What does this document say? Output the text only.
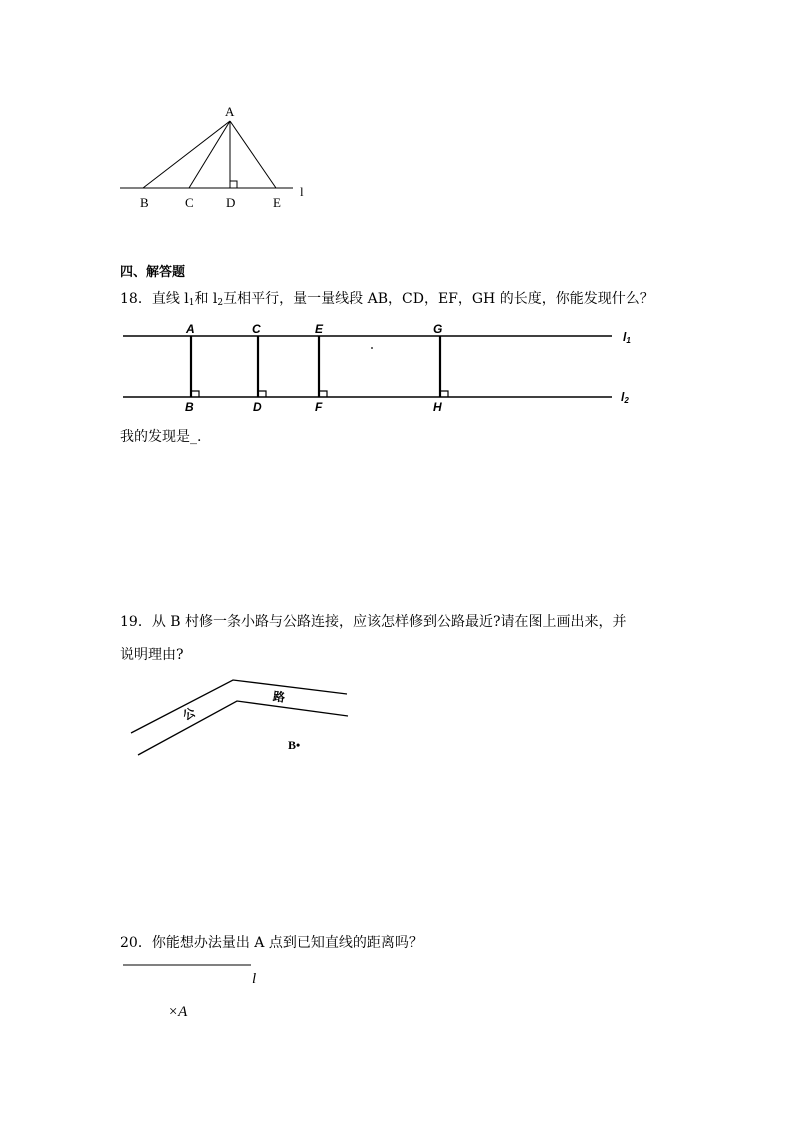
A
B	C D	E
l
四、解答题
18．直线 $l_1$和 $l_2$互相平行，量一量线段 AB，CD，EF，GH 的长度，你能发现什么？
A	C	E	G
B	D	F	H
l1
l2
我的发现是_.
19．从 B 村修一条小路与公路连接，应该怎样修到公路最近?请在图上画出来，并
说明理由?
公
路
B•
20．你能想办法量出 A 点到已知直线的距离吗？
l
×A
